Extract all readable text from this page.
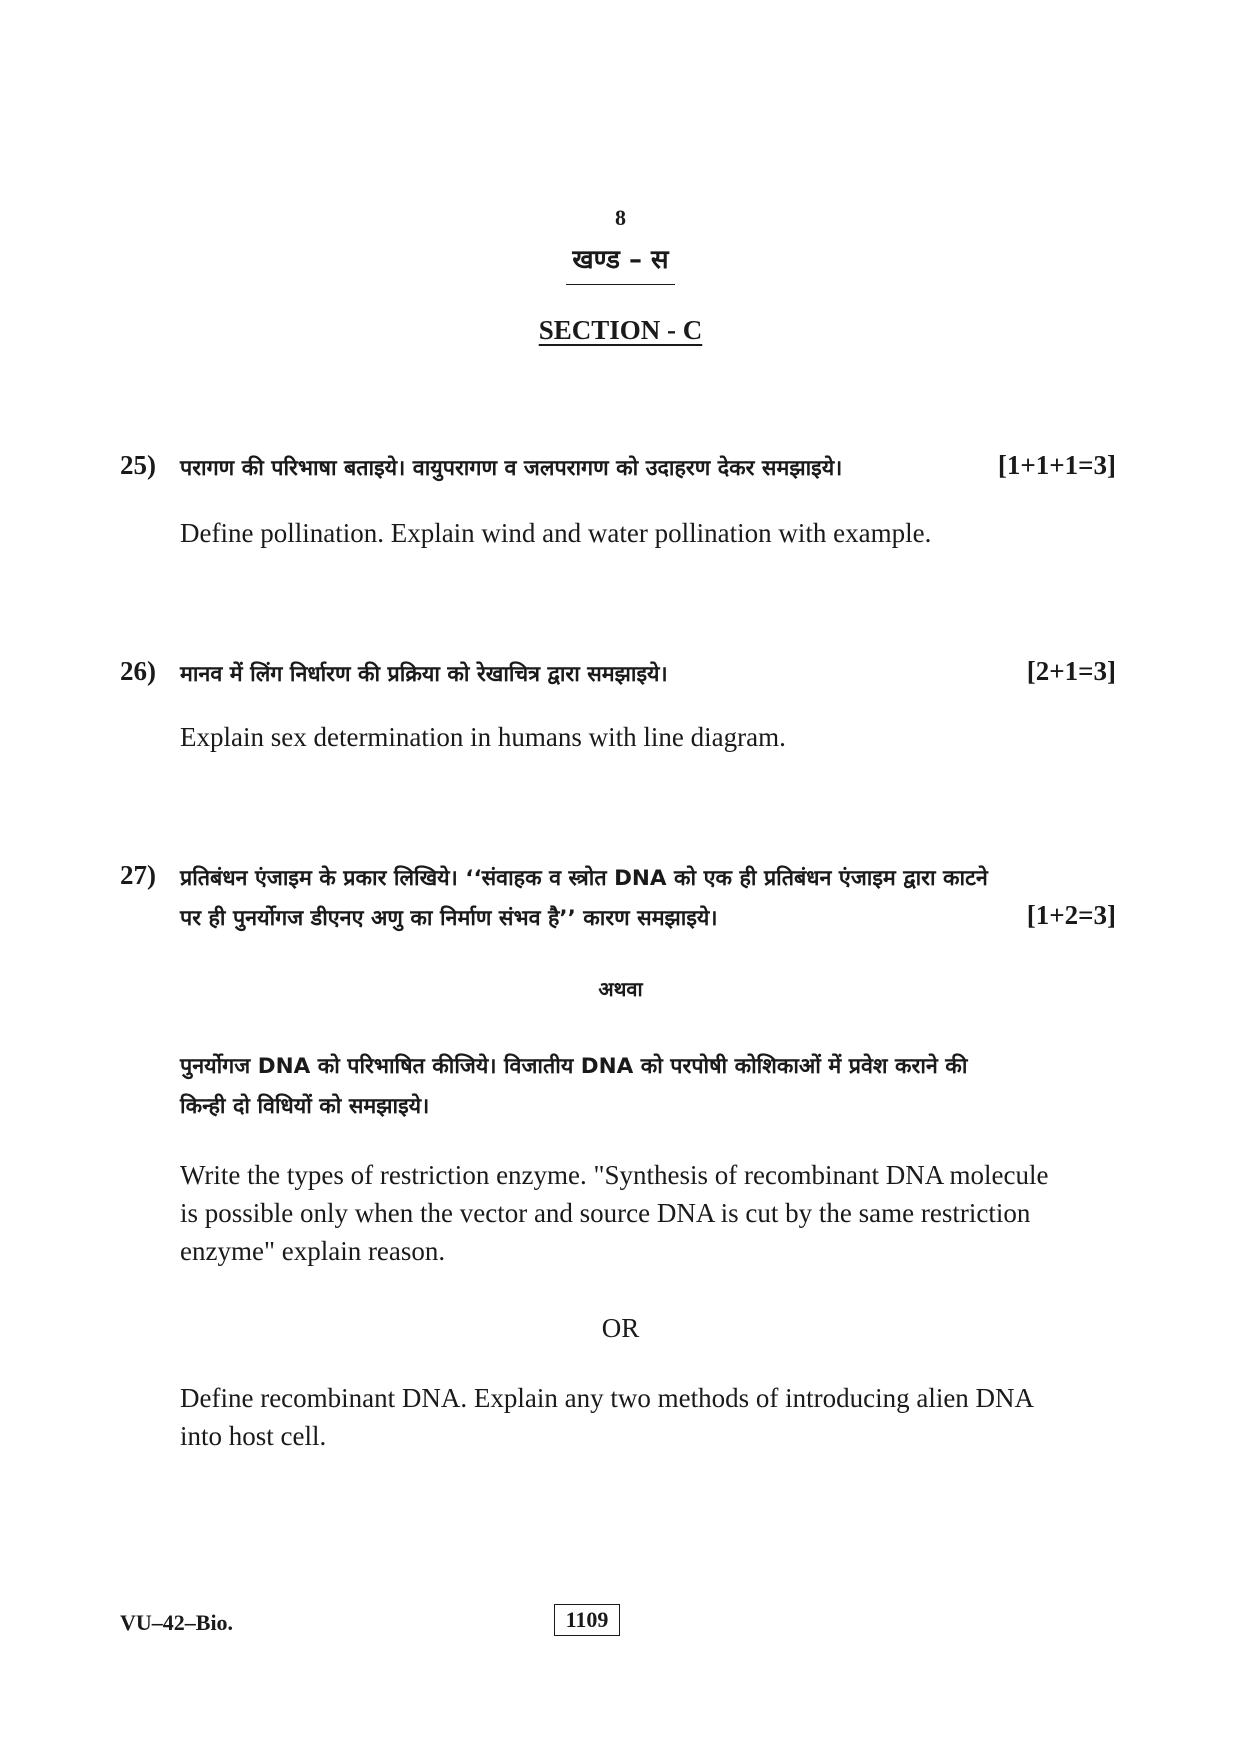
8
खण्ड – स
SECTION - C
25) परागण की परिभाषा बताइये। वायुपरागण व जलपरागण को उदाहरण देकर समझाइये।	[1+1+1=3]
Define pollination. Explain wind and water pollination with example.
26) मानव में लिंग निर्धारण की प्रक्रिया को रेखाचित्र द्वारा समझाइये।	[2+1=3]
Explain sex determination in humans with line diagram.
27) प्रतिबंधन एंजाइम के प्रकार लिखिये। ‘‘संवाहक व स्त्रोत DNA को एक ही प्रतिबंधन एंजाइम द्वारा काटने
पर ही पुनर्योगज डीएनए अणु का निर्माण संभव है’’ कारण समझाइये।	[1+2=3]
अथवा
पुनर्योगज DNA को परिभाषित कीजिये। विजातीय DNA को परपोषी कोशिकाओं में प्रवेश कराने की
किन्ही दो विधियों को समझाइये।
Write the types of restriction enzyme. "Synthesis of recombinant DNA molecule
is possible only when the vector and source DNA is cut by the same restriction
enzyme" explain reason.
OR
Define recombinant DNA. Explain any two methods of introducing alien DNA
into host cell.
VU–42–Bio.	1109
